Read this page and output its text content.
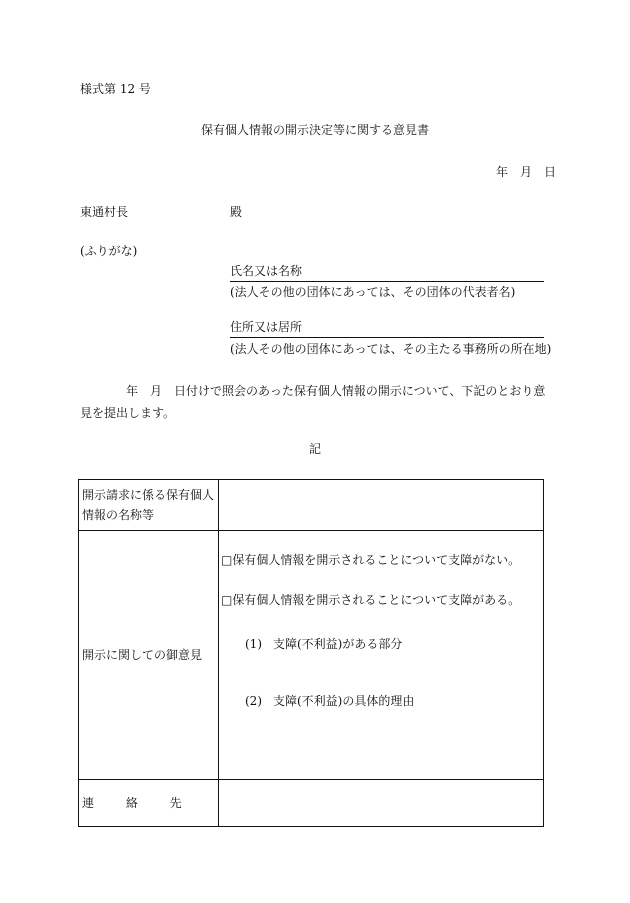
様式第 12 号
保有個人情報の開示決定等に関する意見書
年　月　日
東通村長	殿
(ふりがな)
氏名又は名称
(法人その他の団体にあっては、その団体の代表者名)
住所又は居所
(法人その他の団体にあっては、その主たる事務所の所在地)
年　月　日付けで照会のあった保有個人情報の開示について、下記のとおり意見を提出します。
記
開示請求に係る保有個人情報の名称等	
開示に関しての御意見	□保有個人情報を開示されることについて支障がない。
□保有個人情報を開示されることについて支障がある。
(1) 支障(不利益)がある部分
(2) 支障(不利益)の具体的理由

連 絡 先	
